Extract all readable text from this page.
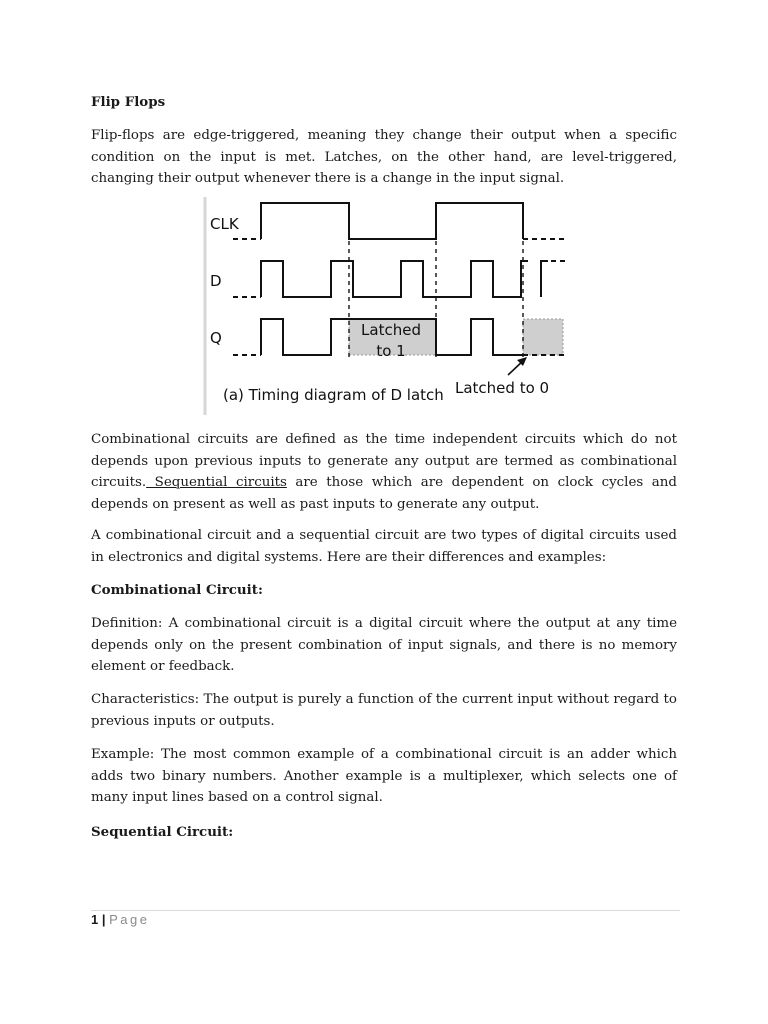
Flip Flops

Flip-flops are edge-triggered, meaning they change their output when a specific condition on the input is met. Latches, on the other hand, are level-triggered, changing their output whenever there is a change in the input signal.

CLK
D
Q	Latched
to 1
Latched to 0
(a) Timing diagram of D latch

Combinational circuits are defined as the time independent circuits which do not depends upon previous inputs to generate any output are termed as combinational circuits. Sequential circuits are those which are dependent on clock cycles and depends on present as well as past inputs to generate any output.

A combinational circuit and a sequential circuit are two types of digital circuits used in electronics and digital systems. Here are their differences and examples:

Combinational Circuit:

Definition: A combinational circuit is a digital circuit where the output at any time depends only on the present combination of input signals, and there is no memory element or feedback.

Characteristics: The output is purely a function of the current input without regard to previous inputs or outputs.

Example: The most common example of a combinational circuit is an adder which adds two binary numbers. Another example is a multiplexer, which selects one of many input lines based on a control signal.

Sequential Circuit:

1 | Page
